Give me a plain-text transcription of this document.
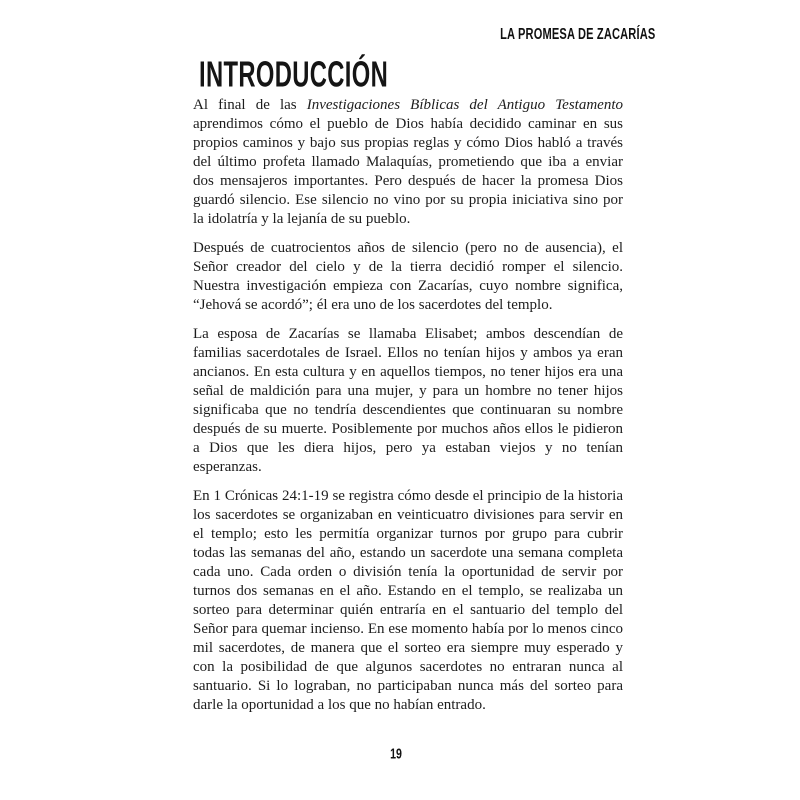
LA PROMESA DE ZACARÍAS
INTRODUCCIÓN

Al final de las Investigaciones Bíblicas del Antiguo Testamento aprendimos cómo el pueblo de Dios había decidido caminar en sus propios caminos y bajo sus propias reglas y cómo Dios habló a través del último profeta llamado Malaquías, prometiendo que iba a enviar dos mensajeros importantes. Pero después de hacer la promesa Dios guardó silencio. Ese silencio no vino por su propia iniciativa sino por la idolatría y la lejanía de su pueblo.

Después de cuatrocientos años de silencio (pero no de ausencia), el Señor creador del cielo y de la tierra decidió romper el silencio. Nuestra investigación empieza con Zacarías, cuyo nombre significa, “Jehová se acordó”; él era uno de los sacerdotes del templo.

La esposa de Zacarías se llamaba Elisabet; ambos descendían de familias sacerdotales de Israel. Ellos no tenían hijos y ambos ya eran ancianos. En esta cultura y en aquellos tiempos, no tener hijos era una señal de maldición para una mujer, y para un hombre no tener hijos significaba que no tendría descendientes que continuaran su nombre después de su muerte. Posiblemente por muchos años ellos le pidieron a Dios que les diera hijos, pero ya estaban viejos y no tenían esperanzas.

En 1 Crónicas 24:1-19 se registra cómo desde el principio de la historia los sacerdotes se organizaban en veinticuatro divisiones para servir en el templo; esto les permitía organizar turnos por grupo para cubrir todas las semanas del año, estando un sacerdote una semana completa cada uno. Cada orden o división tenía la oportunidad de servir por turnos dos semanas en el año. Estando en el templo, se realizaba un sorteo para determinar quién entraría en el santuario del templo del Señor para quemar incienso. En ese momento había por lo menos cinco mil sacerdotes, de manera que el sorteo era siempre muy esperado y con la posibilidad de que algunos sacerdotes no entraran nunca al santuario. Si lo lograban, no participaban nunca más del sorteo para darle la oportunidad a los que no habían entrado.

19
